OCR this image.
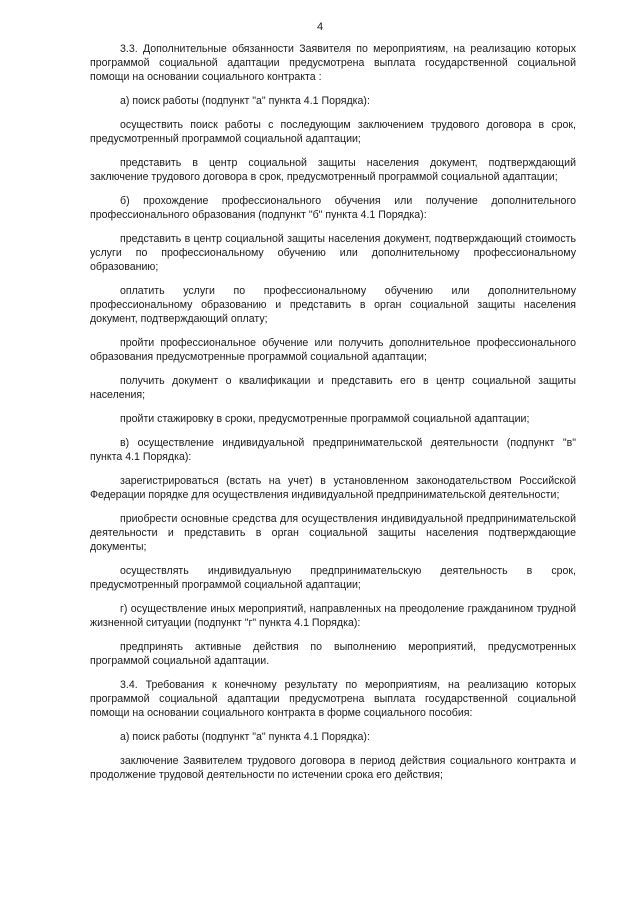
4

3.3. Дополнительные обязанности Заявителя по мероприятиям, на реализацию которых программой социальной адаптации предусмотрена выплата государственной социальной помощи на основании социального контракта :

а) поиск работы (подпункт "а" пункта 4.1 Порядка):

осуществить поиск работы с последующим заключением трудового договора в срок, предусмотренный программой социальной адаптации;

представить в центр социальной защиты населения документ, подтверждающий заключение трудового договора в срок, предусмотренный программой социальной адаптации;

б) прохождение профессионального обучения или получение дополнительного профессионального образования (подпункт "б" пункта 4.1 Порядка):

представить в центр социальной защиты населения документ, подтверждающий стоимость услуги по профессиональному обучению или дополнительному профессиональному образованию;

оплатить услуги по профессиональному обучению или дополнительному профессиональному образованию и представить в орган социальной защиты населения документ, подтверждающий оплату;

пройти профессиональное обучение или получить дополнительное профессионального образования предусмотренные программой социальной адаптации;

получить документ о квалификации и представить его в центр социальной защиты населения;

пройти стажировку в сроки, предусмотренные программой социальной адаптации;

в) осуществление индивидуальной предпринимательской деятельности (подпункт "в" пункта 4.1 Порядка):

зарегистрироваться (встать на учет) в установленном законодательством Российской Федерации порядке для осуществления индивидуальной предпринимательской деятельности;

приобрести основные средства для осуществления индивидуальной предпринимательской деятельности и представить в орган социальной защиты населения подтверждающие документы;

осуществлять индивидуальную предпринимательскую деятельность в срок, предусмотренный программой социальной адаптации;

г) осуществление иных мероприятий, направленных на преодоление гражданином трудной жизненной ситуации (подпункт "г" пункта 4.1 Порядка):

предпринять активные действия по выполнению мероприятий, предусмотренных программой социальной адаптации.

3.4. Требования к конечному результату по мероприятиям, на реализацию которых программой социальной адаптации предусмотрена выплата государственной социальной помощи на основании социального контракта в форме социального пособия:

а) поиск работы (подпункт "а" пункта 4.1 Порядка):

заключение Заявителем трудового договора в период действия социального контракта и продолжение трудовой деятельности по истечении срока его действия;
